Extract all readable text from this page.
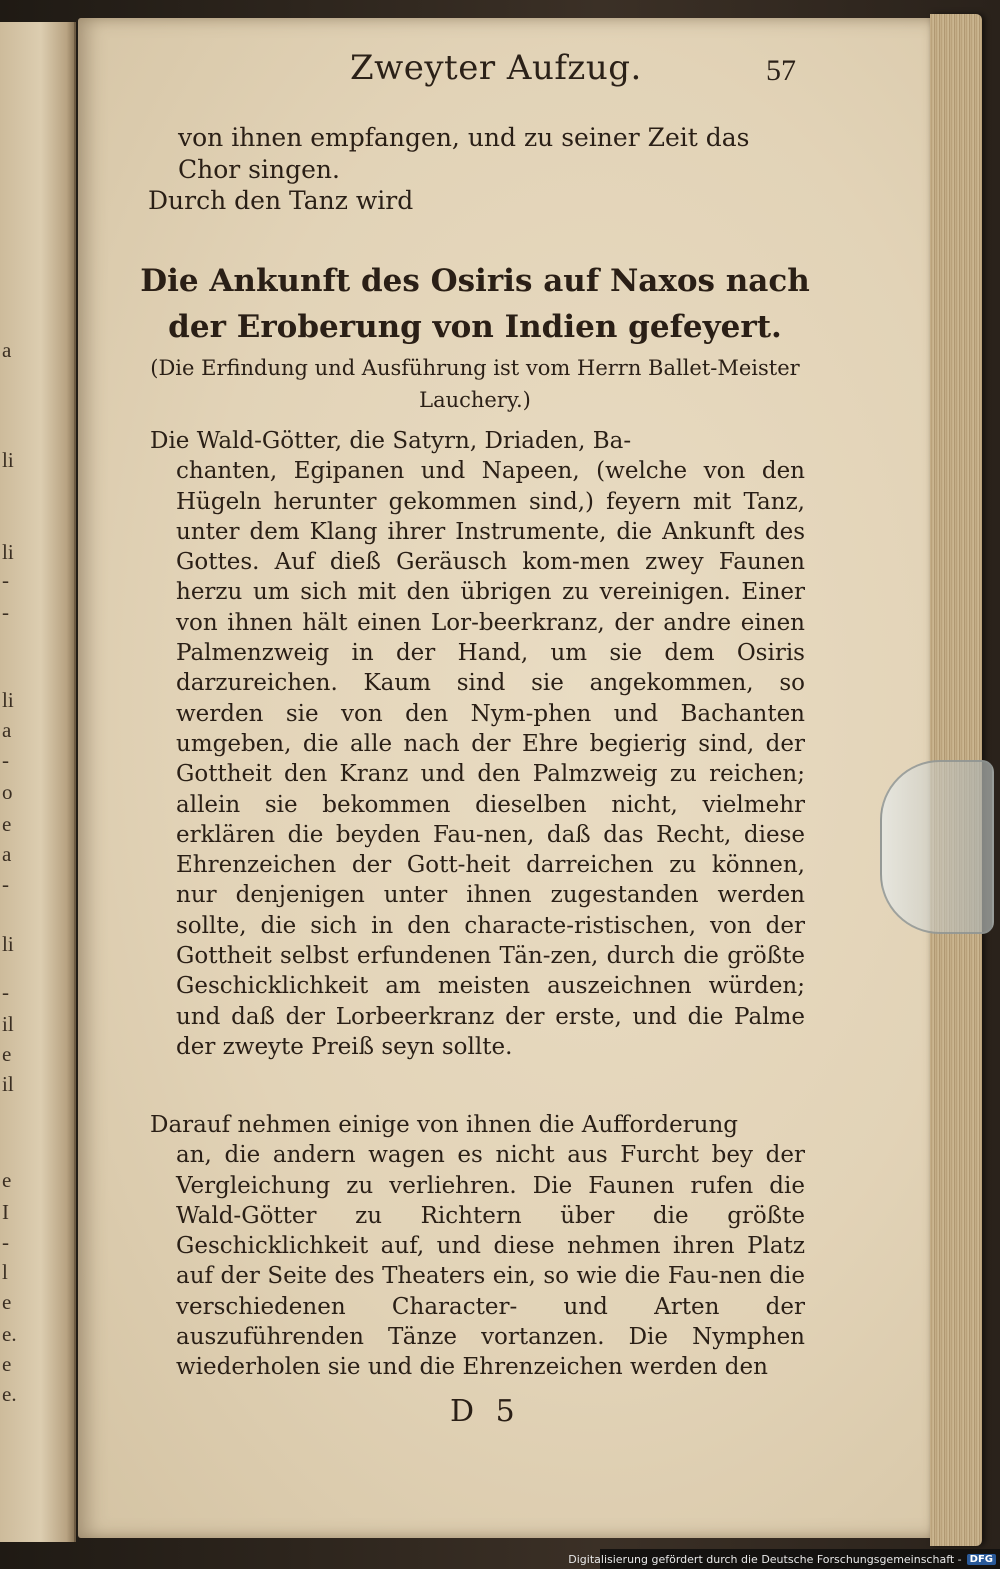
a
li
li
-
-
li
a
-
o
e
a
-
li
-
il
e
il
e
I
-
l
e
e.
e
e.
Zweyter Aufzug.	57
von ihnen empfangen, und zu seiner Zeit das Chor singen.
Durch den Tanz wird
Die Ankunft des Osiris auf Naxos nach der Eroberung von Indien gefeyert.
(Die Erfindung und Ausführung ist vom Herrn Ballet-Meister Lauchery.)
Die Wald-Götter, die Satyrn, Driaden, Ba-
chanten, Egipanen und Napeen, (welche von den Hügeln herunter gekommen sind,) feyern mit Tanz, unter dem Klang ihrer Instrumente, die Ankunft des Gottes. Auf dieß Geräusch kom-men zwey Faunen herzu um sich mit den übrigen zu vereinigen. Einer von ihnen hält einen Lor-beerkranz, der andre einen Palmenzweig in der Hand, um sie dem Osiris darzureichen. Kaum sind sie angekommen, so werden sie von den Nym-phen und Bachanten umgeben, die alle nach der Ehre begierig sind, der Gottheit den Kranz und den Palmzweig zu reichen; allein sie bekommen dieselben nicht, vielmehr erklären die beyden Fau-nen, daß das Recht, diese Ehrenzeichen der Gott-heit darreichen zu können, nur denjenigen unter ihnen zugestanden werden sollte, die sich in den characte-ristischen, von der Gottheit selbst erfundenen Tän-zen, durch die größte Geschicklichkeit am meisten auszeichnen würden; und daß der Lorbeerkranz der erste, und die Palme der zweyte Preiß seyn sollte.
Darauf nehmen einige von ihnen die Aufforderung
an, die andern wagen es nicht aus Furcht bey der Vergleichung zu verliehren. Die Faunen rufen die Wald-Götter zu Richtern über die größte Geschicklichkeit auf, und diese nehmen ihren Platz auf der Seite des Theaters ein, so wie die Fau-nen die verschiedenen Character- und Arten der auszuführenden Tänze vortanzen. Die Nymphen wiederholen sie und die Ehrenzeichen werden den
D 5
Digitalisierung gefördert durch die Deutsche Forschungsgemeinschaft - DFG
